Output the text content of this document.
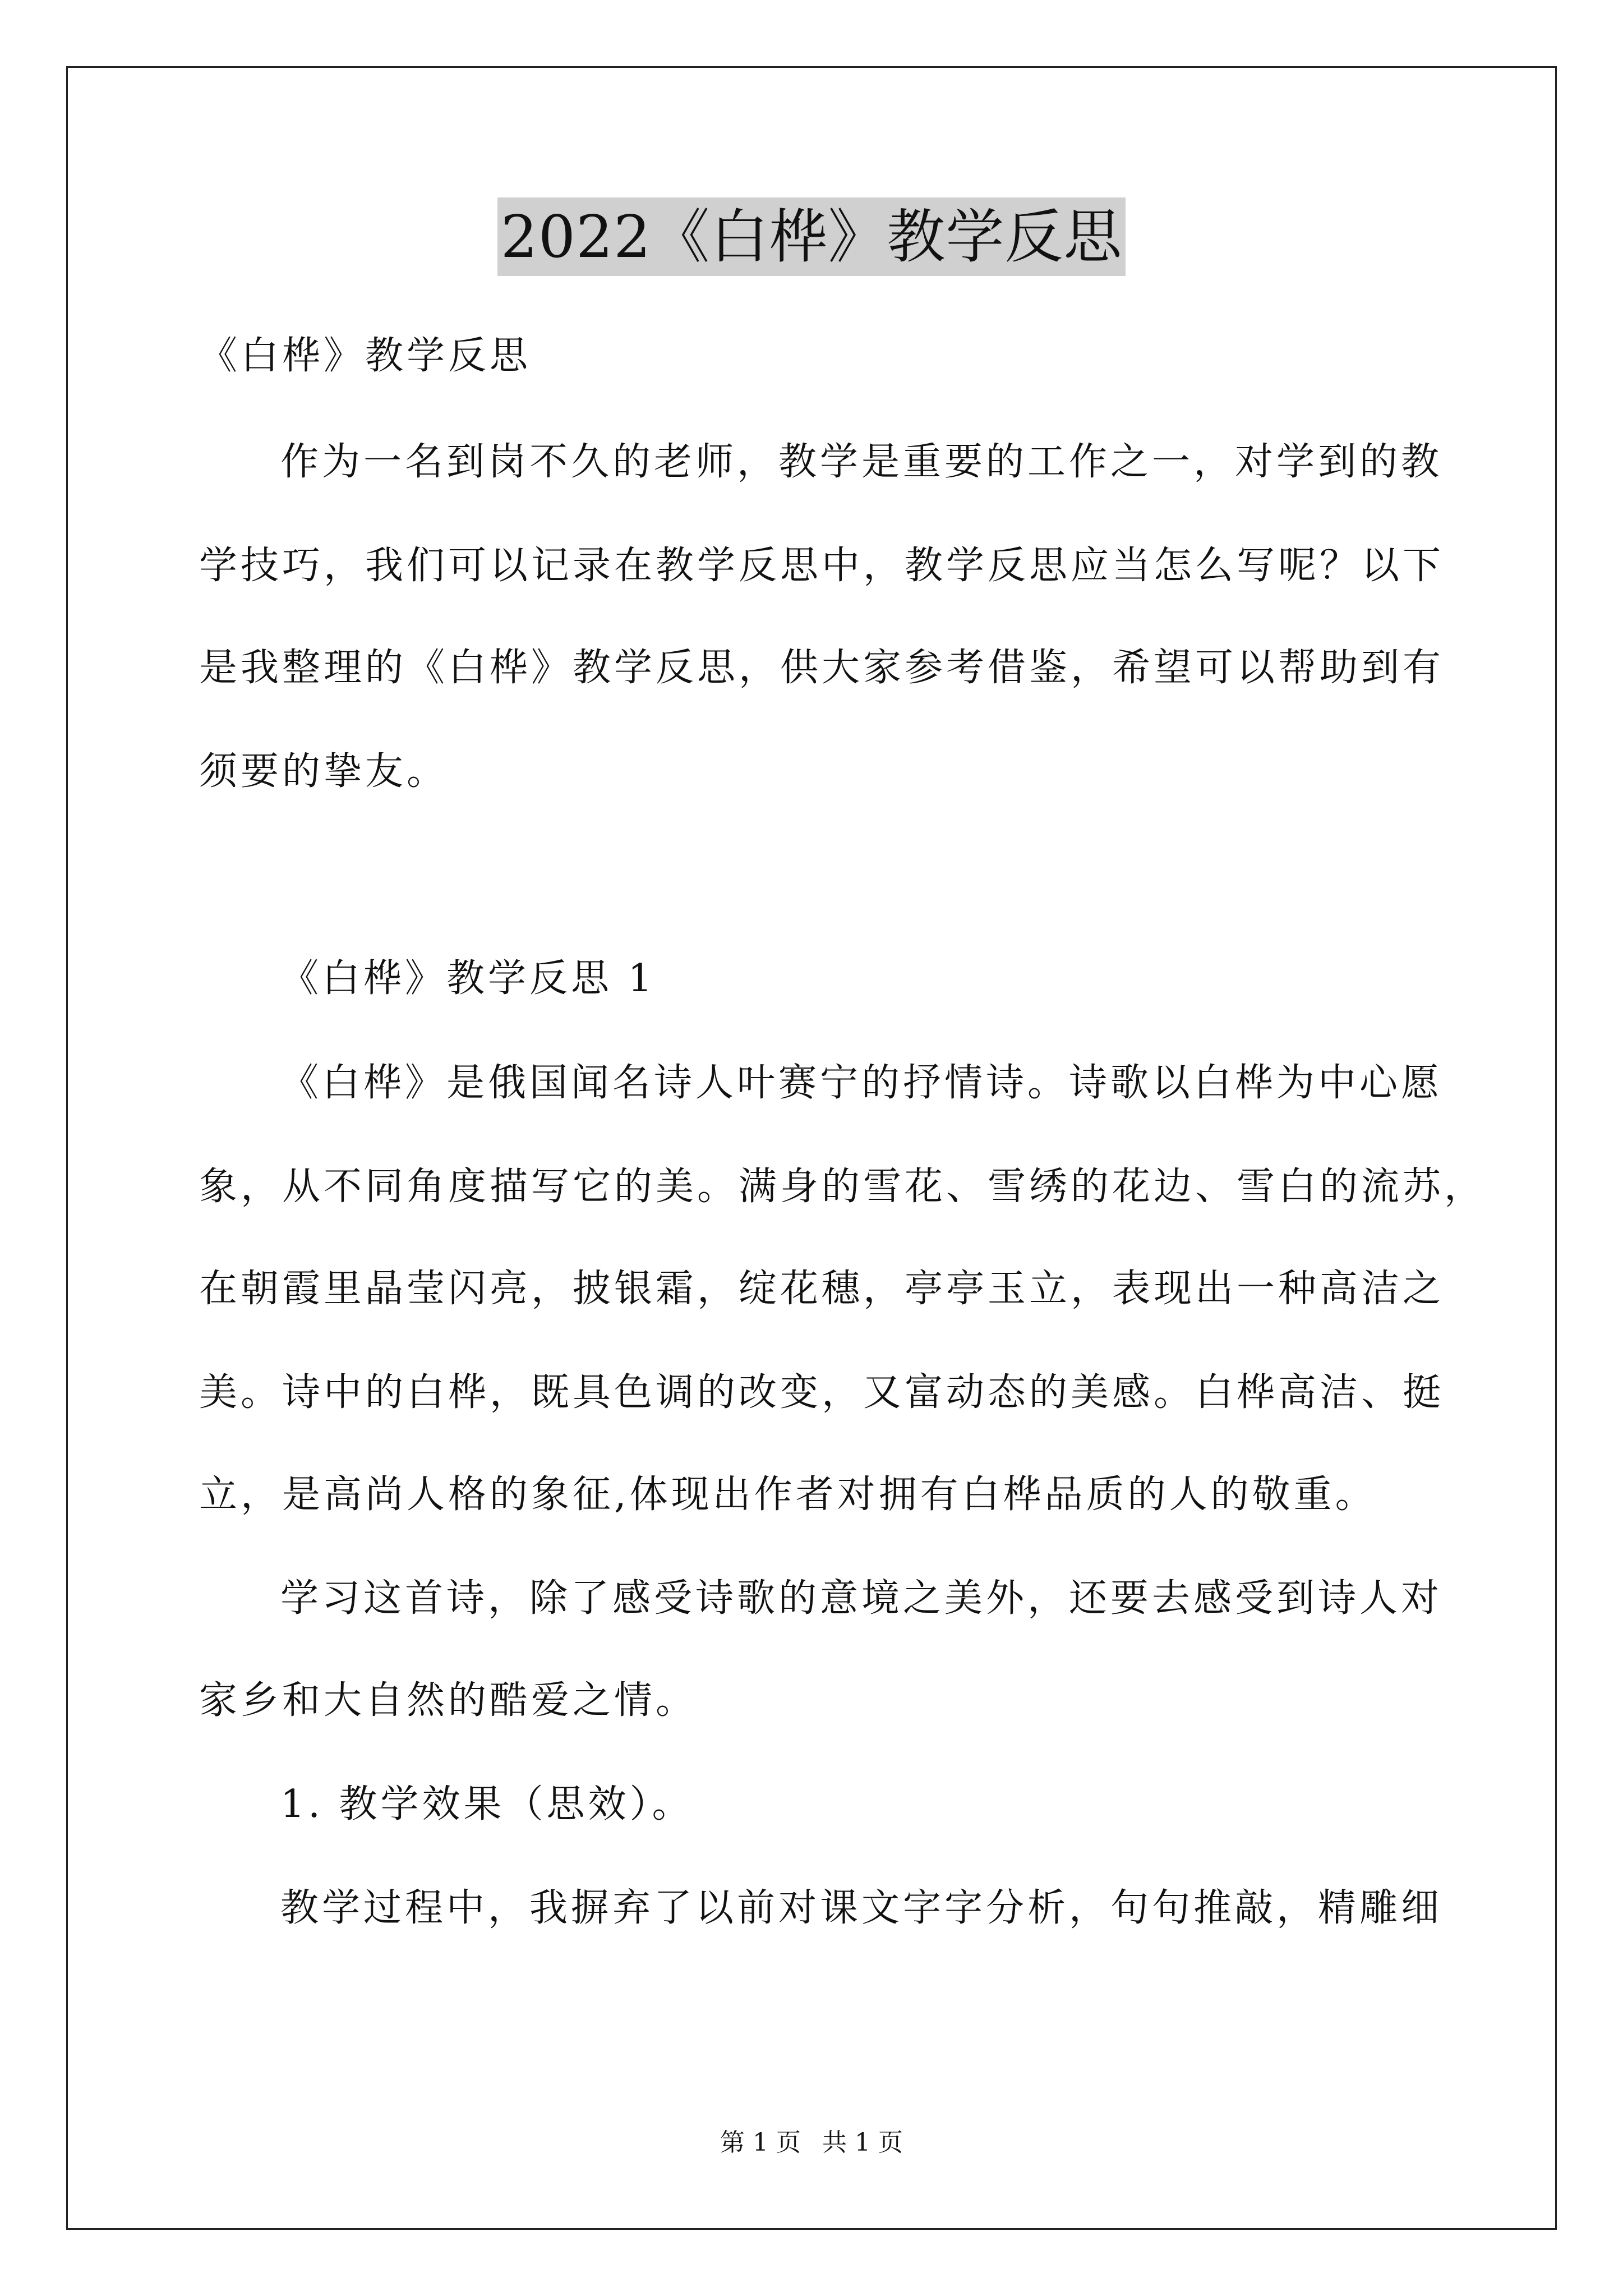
2022《白桦》教学反思
《白桦》教学反思
作为一名到岗不久的老师，教学是重要的工作之一，对学到的教
学技巧，我们可以记录在教学反思中，教学反思应当怎么写呢？以下
是我整理的《白桦》教学反思，供大家参考借鉴，希望可以帮助到有
须要的挚友。
《白桦》教学反思 1
《白桦》是俄国闻名诗人叶赛宁的抒情诗。诗歌以白桦为中心愿
象，从不同角度描写它的美。满身的雪花、雪绣的花边、雪白的流苏，
在朝霞里晶莹闪亮，披银霜，绽花穗，亭亭玉立，表现出一种高洁之
美。诗中的白桦，既具色调的改变，又富动态的美感。白桦高洁、挺
立，是高尚人格的象征,体现出作者对拥有白桦品质的人的敬重。
学习这首诗，除了感受诗歌的意境之美外，还要去感受到诗人对
家乡和大自然的酷爱之情。
1. 教学效果（思效）。
教学过程中，我摒弃了以前对课文字字分析，句句推敲，精雕细
第 1 页 共 1 页
